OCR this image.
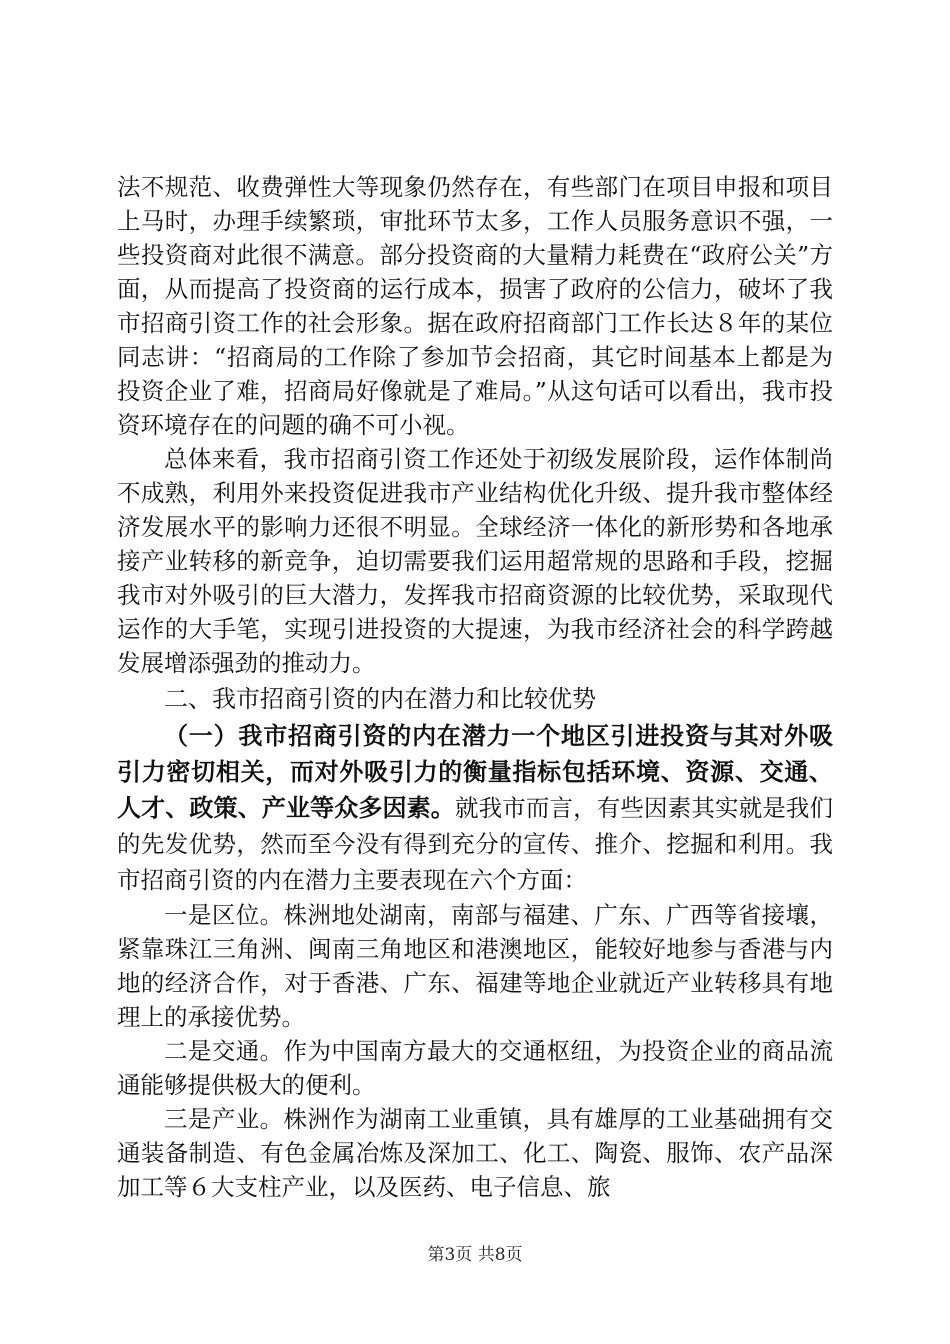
法不规范、收费弹性大等现象仍然存在，有些部门在项目申报和项目上马时，办理手续繁琐，审批环节太多，工作人员服务意识不强，一些投资商对此很不满意。部分投资商的大量精力耗费在“政府公关”方面，从而提高了投资商的运行成本，损害了政府的公信力，破坏了我市招商引资工作的社会形象。据在政府招商部门工作长达８年的某位同志讲：“招商局的工作除了参加节会招商，其它时间基本上都是为投资企业了难，招商局好像就是了难局。”从这句话可以看出，我市投资环境存在的问题的确不可小视。

总体来看，我市招商引资工作还处于初级发展阶段，运作体制尚不成熟，利用外来投资促进我市产业结构优化升级、提升我市整体经济发展水平的影响力还很不明显。全球经济一体化的新形势和各地承接产业转移的新竞争，迫切需要我们运用超常规的思路和手段，挖掘我市对外吸引的巨大潜力，发挥我市招商资源的比较优势，采取现代运作的大手笔，实现引进投资的大提速，为我市经济社会的科学跨越发展增添强劲的推动力。

二、我市招商引资的内在潜力和比较优势

（一）我市招商引资的内在潜力一个地区引进投资与其对外吸引力密切相关，而对外吸引力的衡量指标包括环境、资源、交通、人才、政策、产业等众多因素。就我市而言，有些因素其实就是我们的先发优势，然而至今没有得到充分的宣传、推介、挖掘和利用。我市招商引资的内在潜力主要表现在六个方面：

一是区位。株洲地处湖南，南部与福建、广东、广西等省接壤，紧靠珠江三角洲、闽南三角地区和港澳地区，能较好地参与香港与内地的经济合作，对于香港、广东、福建等地企业就近产业转移具有地理上的承接优势。

二是交通。作为中国南方最大的交通枢纽，为投资企业的商品流通能够提供极大的便利。

三是产业。株洲作为湖南工业重镇，具有雄厚的工业基础拥有交通装备制造、有色金属冶炼及深加工、化工、陶瓷、服饰、农产品深加工等６大支柱产业，以及医药、电子信息、旅

第3页 共8页
